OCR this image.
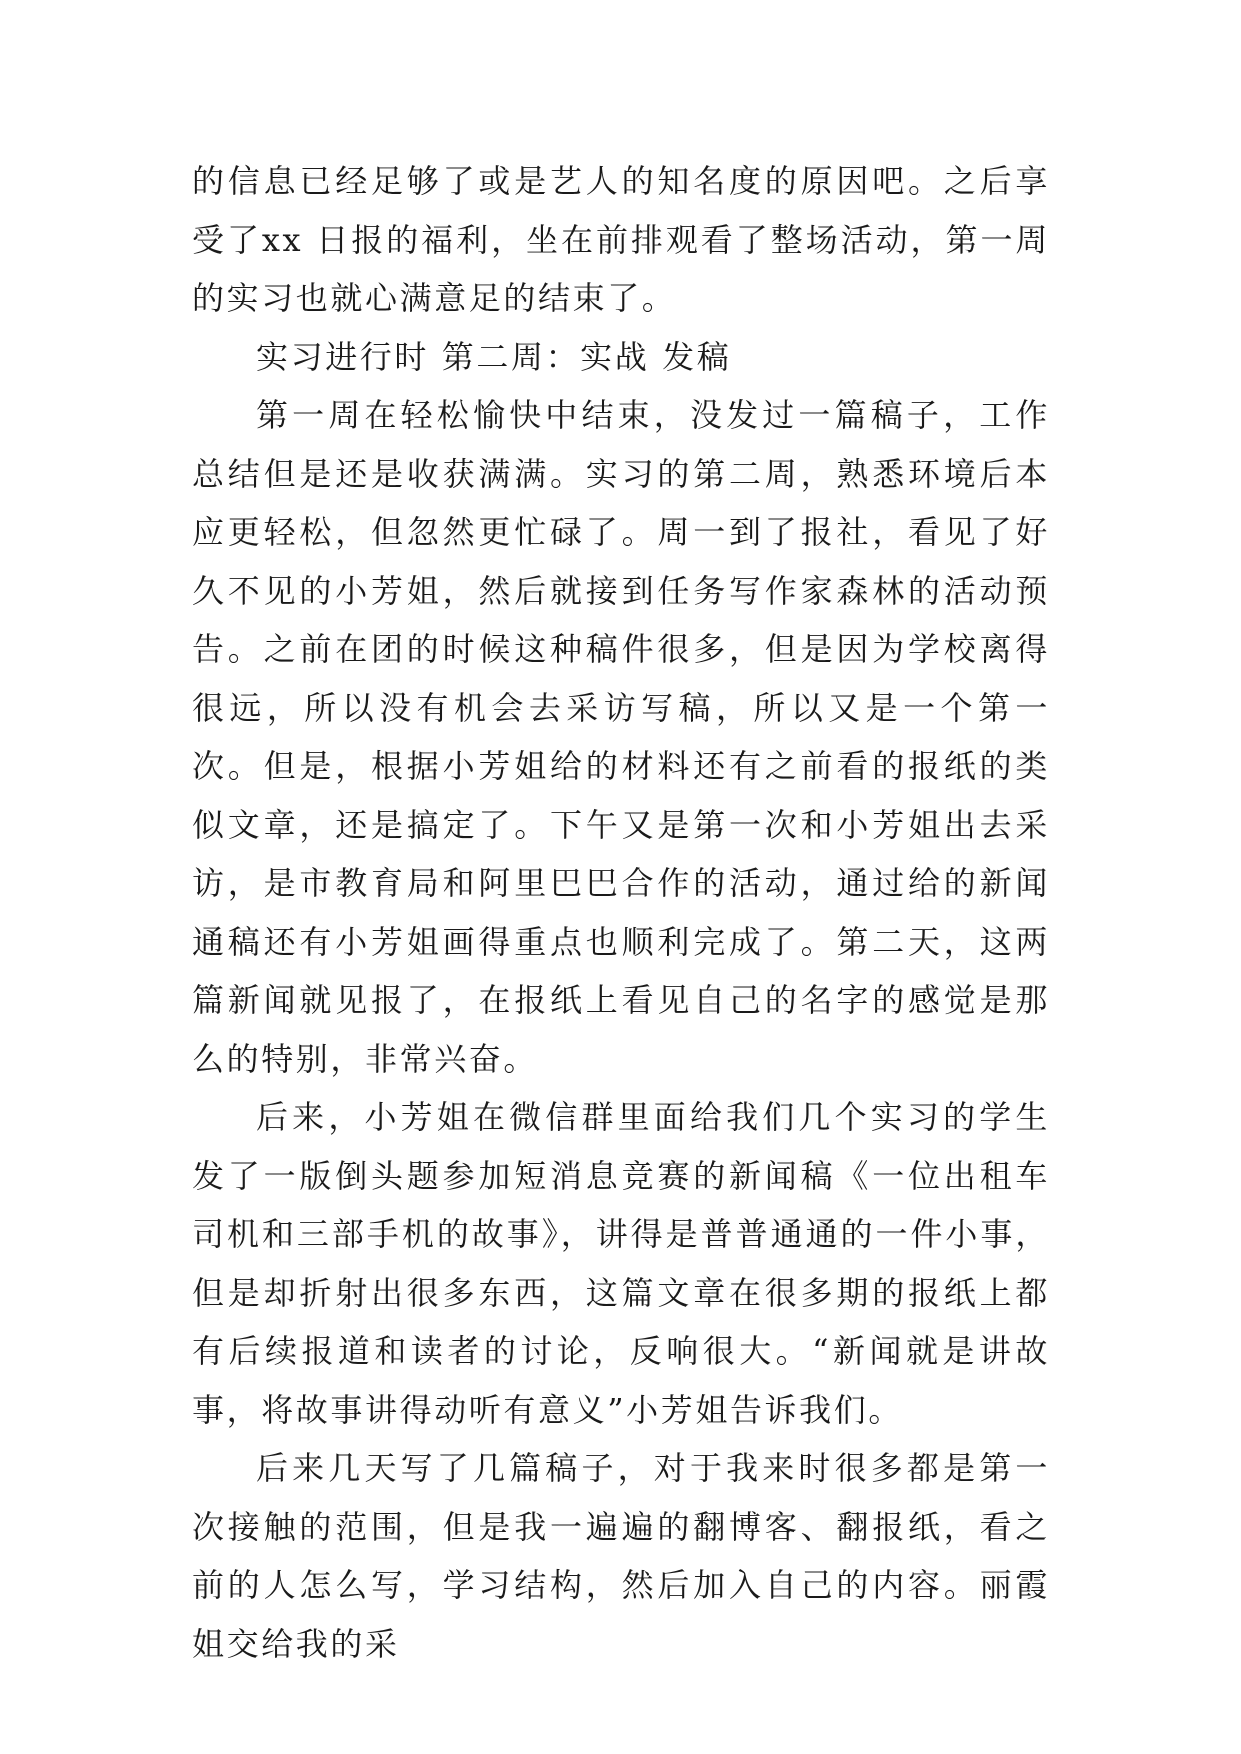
的信息已经足够了或是艺人的知名度的原因吧。之后享受了xx 日报的福利，坐在前排观看了整场活动，第一周的实习也就心满意足的结束了。

实习进行时 第二周：实战 发稿

第一周在轻松愉快中结束，没发过一篇稿子，工作总结但是还是收获满满。实习的第二周，熟悉环境后本应更轻松，但忽然更忙碌了。周一到了报社，看见了好久不见的小芳姐，然后就接到任务写作家森林的活动预告。之前在团的时候这种稿件很多，但是因为学校离得很远，所以没有机会去采访写稿，所以又是一个第一次。但是，根据小芳姐给的材料还有之前看的报纸的类似文章，还是搞定了。下午又是第一次和小芳姐出去采访，是市教育局和阿里巴巴合作的活动，通过给的新闻通稿还有小芳姐画得重点也顺利完成了。第二天，这两篇新闻就见报了，在报纸上看见自己的名字的感觉是那么的特别，非常兴奋。

后来，小芳姐在微信群里面给我们几个实习的学生发了一版倒头题参加短消息竞赛的新闻稿《一位出租车司机和三部手机的故事》，讲得是普普通通的一件小事，但是却折射出很多东西，这篇文章在很多期的报纸上都有后续报道和读者的讨论，反响很大。“新闻就是讲故事，将故事讲得动听有意义”小芳姐告诉我们。

后来几天写了几篇稿子，对于我来时很多都是第一次接触的范围，但是我一遍遍的翻博客、翻报纸，看之前的人怎么写，学习结构，然后加入自己的内容。丽霞姐交给我的采
